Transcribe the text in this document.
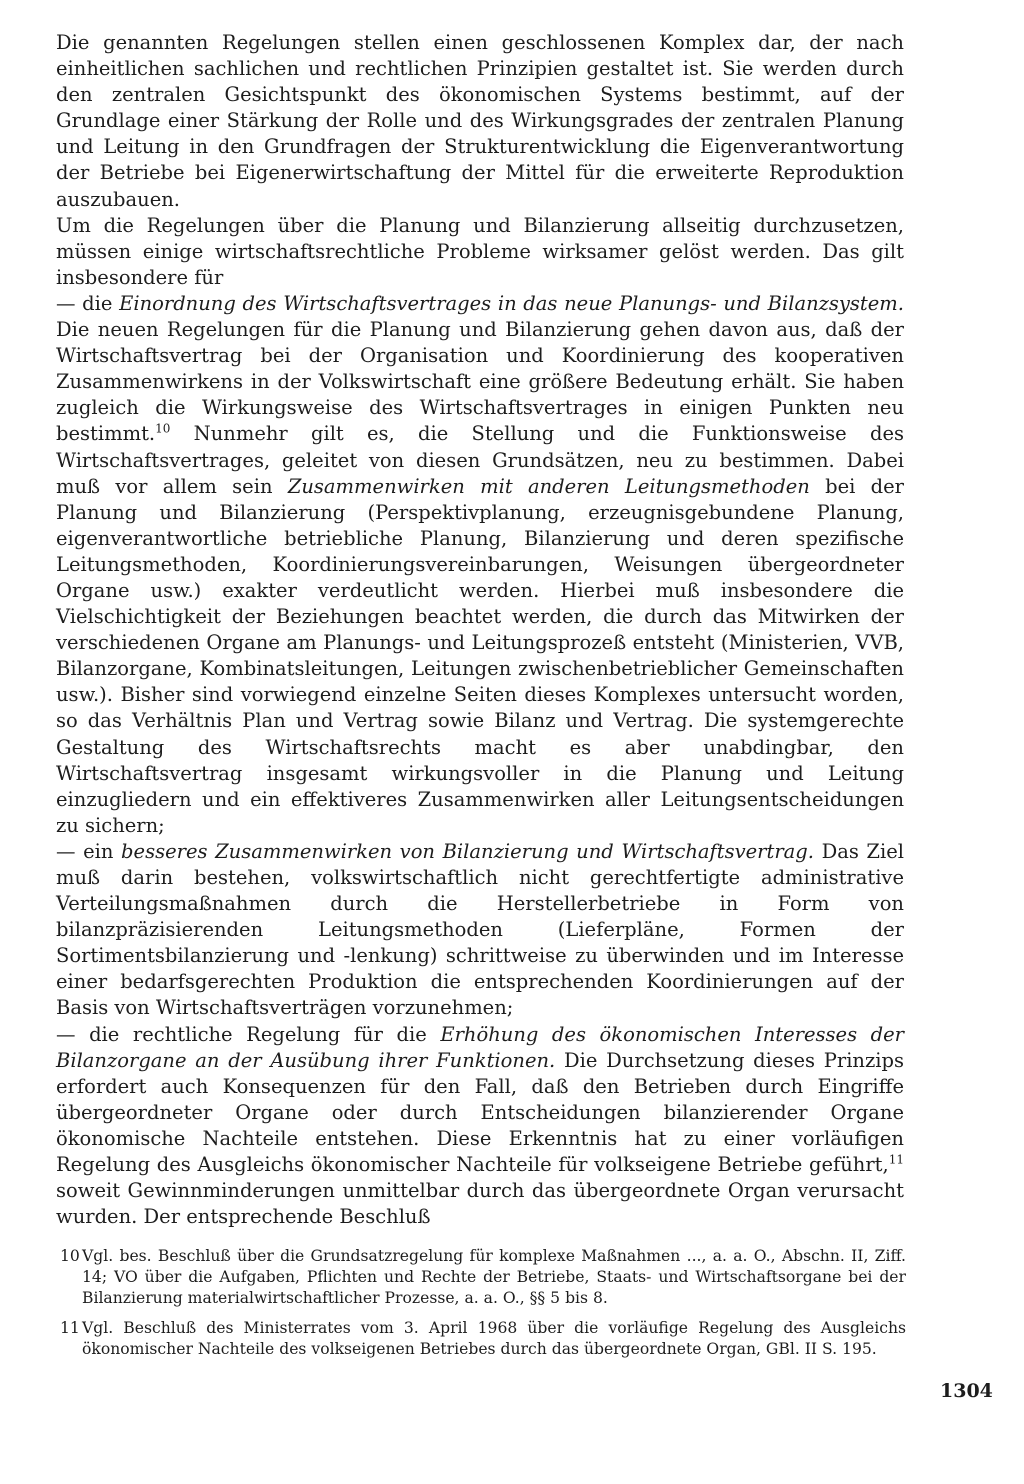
Die genannten Regelungen stellen einen geschlossenen Komplex dar, der nach einheitlichen sachlichen und rechtlichen Prinzipien gestaltet ist. Sie werden durch den zentralen Gesichtspunkt des ökonomischen Systems bestimmt, auf der Grundlage einer Stärkung der Rolle und des Wirkungsgrades der zentralen Planung und Leitung in den Grundfragen der Strukturentwicklung die Eigenverantwortung der Betriebe bei Eigenerwirtschaftung der Mittel für die erweiterte Reproduktion auszubauen.

Um die Regelungen über die Planung und Bilanzierung allseitig durchzusetzen, müssen einige wirtschaftsrechtliche Probleme wirksamer gelöst werden. Das gilt insbesondere für

— die Einordnung des Wirtschaftsvertrages in das neue Planungs- und Bilanzsystem. Die neuen Regelungen für die Planung und Bilanzierung gehen davon aus, daß der Wirtschaftsvertrag bei der Organisation und Koordinierung des kooperativen Zusammenwirkens in der Volkswirtschaft eine größere Bedeutung erhält. Sie haben zugleich die Wirkungsweise des Wirtschaftsvertrages in einigen Punkten neu bestimmt.$^{10}$ Nunmehr gilt es, die Stellung und die Funktionsweise des Wirtschaftsvertrages, geleitet von diesen Grundsätzen, neu zu bestimmen. Dabei muß vor allem sein Zusammenwirken mit anderen Leitungsmethoden bei der Planung und Bilanzierung (Perspektivplanung, erzeugnisgebundene Planung, eigenverantwortliche betriebliche Planung, Bilanzierung und deren spezifische Leitungsmethoden, Koordinierungsvereinbarungen, Weisungen übergeordneter Organe usw.) exakter verdeutlicht werden. Hierbei muß insbesondere die Vielschichtigkeit der Beziehungen beachtet werden, die durch das Mitwirken der verschiedenen Organe am Planungs- und Leitungsprozeß entsteht (Ministerien, VVB, Bilanzorgane, Kombinatsleitungen, Leitungen zwischenbetrieblicher Gemeinschaften usw.). Bisher sind vorwiegend einzelne Seiten dieses Komplexes untersucht worden, so das Verhältnis Plan und Vertrag sowie Bilanz und Vertrag. Die systemgerechte Gestaltung des Wirtschaftsrechts macht es aber unabdingbar, den Wirtschaftsvertrag insgesamt wirkungsvoller in die Planung und Leitung einzugliedern und ein effektiveres Zusammenwirken aller Leitungsentscheidungen zu sichern;

— ein besseres Zusammenwirken von Bilanzierung und Wirtschaftsvertrag. Das Ziel muß darin bestehen, volkswirtschaftlich nicht gerechtfertigte administrative Verteilungsmaßnahmen durch die Herstellerbetriebe in Form von bilanzpräzisierenden Leitungsmethoden (Lieferpläne, Formen der Sortimentsbilanzierung und -lenkung) schrittweise zu überwinden und im Interesse einer bedarfsgerechten Produktion die entsprechenden Koordinierungen auf der Basis von Wirtschaftsverträgen vorzunehmen;

— die rechtliche Regelung für die Erhöhung des ökonomischen Interesses der Bilanzorgane an der Ausübung ihrer Funktionen. Die Durchsetzung dieses Prinzips erfordert auch Konsequenzen für den Fall, daß den Betrieben durch Eingriffe übergeordneter Organe oder durch Entscheidungen bilanzierender Organe ökonomische Nachteile entstehen. Diese Erkenntnis hat zu einer vorläufigen Regelung des Ausgleichs ökonomischer Nachteile für volkseigene Betriebe geführt,$^{11}$ soweit Gewinnminderungen unmittelbar durch das übergeordnete Organ verursacht wurden. Der entsprechende Beschluß

10 Vgl. bes. Beschluß über die Grundsatzregelung für komplexe Maßnahmen ..., a. a. O., Abschn. II, Ziff. 14; VO über die Aufgaben, Pflichten und Rechte der Betriebe, Staats- und Wirtschaftsorgane bei der Bilanzierung materialwirtschaftlicher Prozesse, a. a. O., §§ 5 bis 8.
11 Vgl. Beschluß des Ministerrates vom 3. April 1968 über die vorläufige Regelung des Ausgleichs ökonomischer Nachteile des volkseigenen Betriebes durch das übergeordnete Organ, GBl. II S. 195.
1304
